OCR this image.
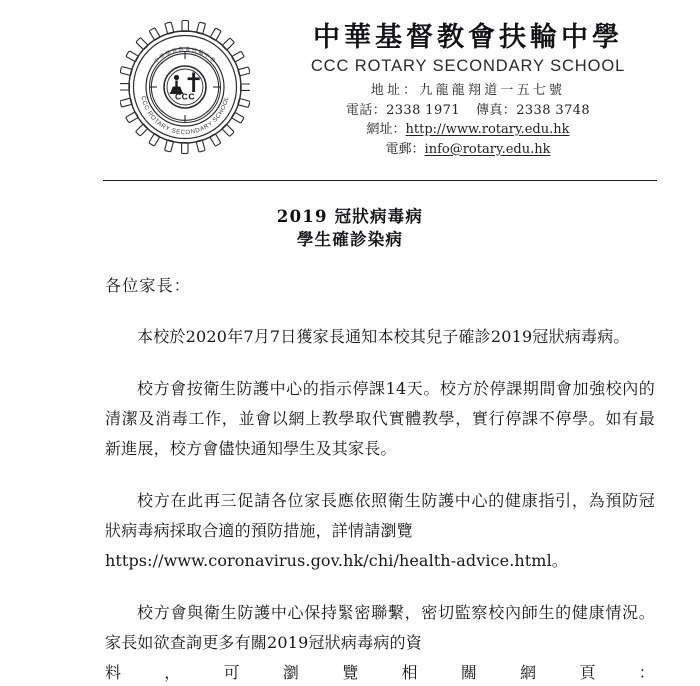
CCC
中華基督教會扶輪中學
CCC ROTARY SECONDARY SCHOOL
中華基督教會扶輪中學
CCC ROTARY SECONDARY SCHOOL
地址：九龍龍翔道一五七號
電話：2338 1971 傳真：2338 3748
網址：http://www.rotary.edu.hk
電郵：info@rotary.edu.hk
2019 冠狀病毒病
學生確診染病
各位家長：

本校於2020年7月7日獲家長通知本校其兒子確診2019冠狀病毒病。

校方會按衛生防護中心的指示停課14天。校方於停課期間會加強校內的清潔及消毒工作，並會以網上教學取代實體教學，實行停課不停學。如有最新進展，校方會儘快通知學生及其家長。

校方在此再三促請各位家長應依照衛生防護中心的健康指引，為預防冠狀病毒病採取合適的預防措施，詳情請瀏覽

https://www.coronavirus.gov.hk/chi/health-advice.html。

校方會與衛生防護中心保持緊密聯繫，密切監察校內師生的健康情況。家長如欲查詢更多有關2019冠狀病毒病的資

料，可瀏覽相關網頁：
